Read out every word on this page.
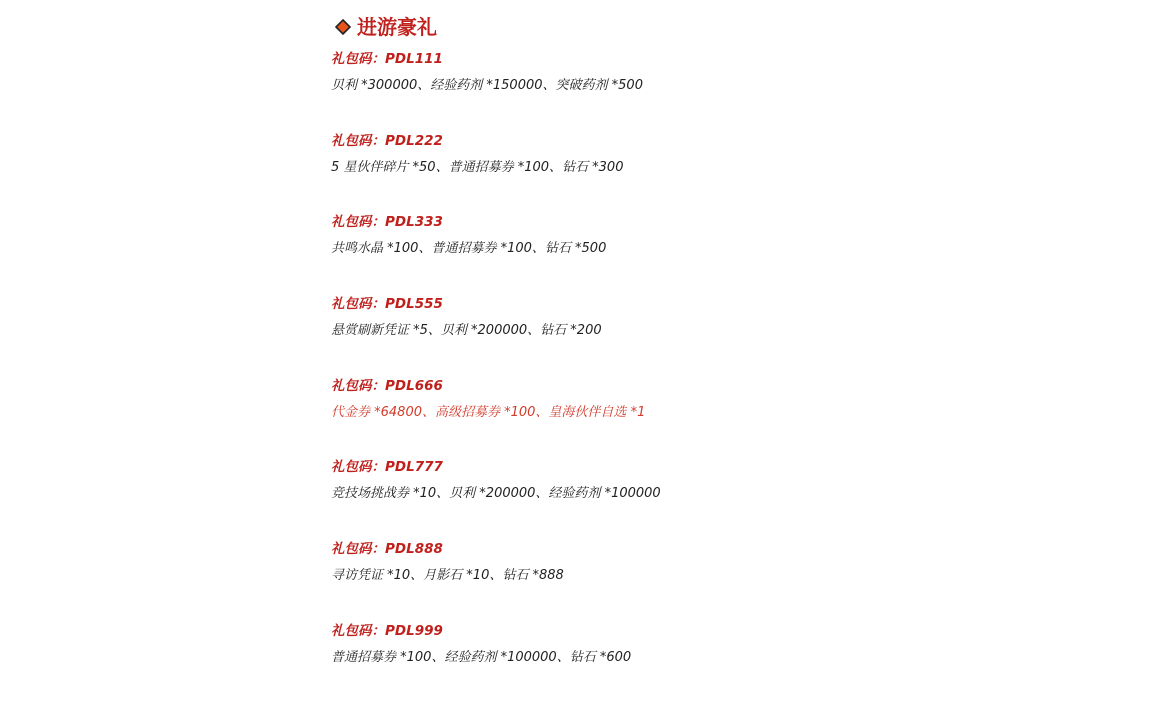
进游豪礼
礼包码：PDL111
贝利 *300000、经验药剂 *150000、突破药剂 *500
礼包码：PDL222
5 星伙伴碎片 *50、普通招募券 *100、钻石 *300
礼包码：PDL333
共鸣水晶 *100、普通招募券 *100、钻石 *500
礼包码：PDL555
悬赏刷新凭证 *5、贝利 *200000、钻石 *200
礼包码：PDL666
代金券 *64800、高级招募券 *100、皇海伙伴自选 *1
礼包码：PDL777
竞技场挑战券 *10、贝利 *200000、经验药剂 *100000
礼包码：PDL888
寻访凭证 *10、月影石 *10、钻石 *888
礼包码：PDL999
普通招募券 *100、经验药剂 *100000、钻石 *600
